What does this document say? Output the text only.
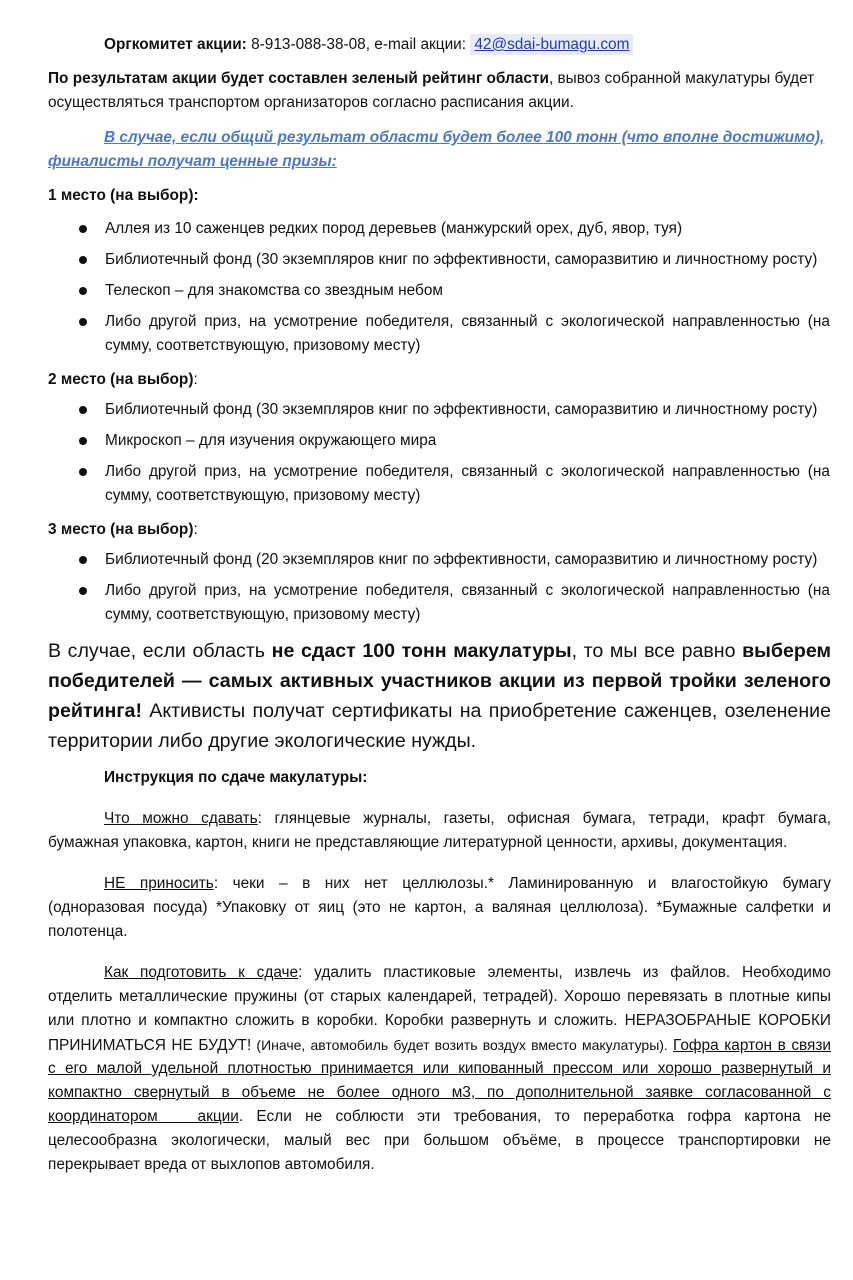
Оргкомитет акции: 8-913-088-38-08, e-mail акции: 42@sdai-bumagu.com
По результатам акции будет составлен зеленый рейтинг области, вывоз собранной макулатуры будет
осуществляться транспортом организаторов согласно расписания акции.
В случае, если общий результат области будет более 100 тонн (что вполне достижимо),
финалисты получат ценные призы:
1 место (на выбор):
Аллея из 10 саженцев редких пород деревьев (манжурский орех, дуб, явор, туя)
Библиотечный фонд (30 экземпляров книг по эффективности, саморазвитию и личностному росту)
Телескоп – для знакомства со звездным небом
Либо другой приз, на усмотрение победителя, связанный с экологической направленностью (на
сумму, соответствующую, призовому месту)
2 место (на выбор):
Библиотечный фонд (30 экземпляров книг по эффективности, саморазвитию и личностному росту)
Микроскоп – для изучения окружающего мира
Либо другой приз, на усмотрение победителя, связанный с экологической направленностью (на
сумму, соответствующую, призовому месту)
3 место (на выбор):
Библиотечный фонд (20 экземпляров книг по эффективности, саморазвитию и личностному росту)
Либо другой приз, на усмотрение победителя, связанный с экологической направленностью (на
сумму, соответствующую, призовому месту)
В случае, если область не сдаст 100 тонн макулатуры, то мы все равно выберем
победителей — самых активных участников акции из первой тройки зеленого
рейтинга! Активисты получат сертификаты на приобретение саженцев, озеленение
территории либо другие экологические нужды.
Инструкция по сдаче макулатуры:
Что можно сдавать: глянцевые журналы, газеты, офисная бумага, тетради, крафт бумага,
бумажная упаковка, картон, книги не представляющие литературной ценности, архивы, документация.
НЕ приносить: чеки – в них нет целлюлозы.* Ламинированную и влагостойкую бумагу
(одноразовая посуда) *Упаковку от яиц (это не картон, а валяная целлюлоза). *Бумажные салфетки и
полотенца.
Как подготовить к сдаче: удалить пластиковые элементы, извлечь из файлов. Необходимо
отделить металлические пружины (от старых календарей, тетрадей). Хорошо перевязать в плотные кипы
или плотно и компактно сложить в коробки. Коробки развернуть и сложить. НЕРАЗОБРАНЫЕ КОРОБКИ
ПРИНИМАТЬСЯ НЕ БУДУТ! (Иначе, автомобиль будет возить воздух вместо макулатуры). Гофра картон в связи
с его малой удельной плотностью принимается или кипованный прессом или хорошо развернутый и
компактно свернутый в объеме не более одного м3, по дополнительной заявке согласованной с
координатором   акции. Если не соблюсти эти требования, то переработка гофра картона не
целесообразна экологически, малый вес при большом объёме, в процессе транспортировки не
перекрывает вреда от выхлопов автомобиля.
